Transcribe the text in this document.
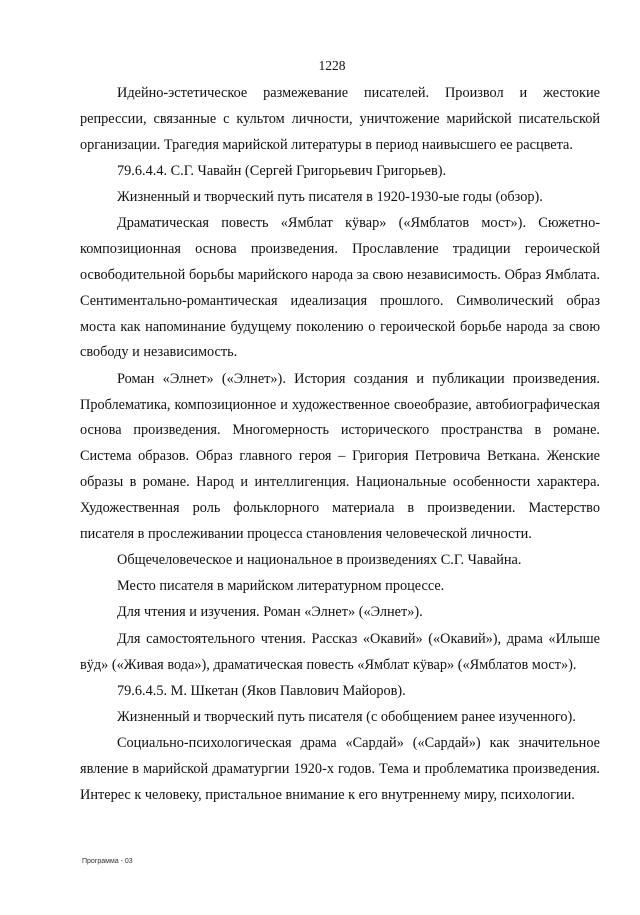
1228

Идейно-эстетическое размежевание писателей. Произвол и жестокие репрессии, связанные с культом личности, уничтожение марийской писательской организации. Трагедия марийской литературы в период наивысшего ее расцвета.

79.6.4.4. С.Г. Чавайн (Сергей Григорьевич Григорьев).

Жизненный и творческий путь писателя в 1920-1930-ые годы (обзор).

Драматическая повесть «Ямблат кӱвар» («Ямблатов мост»). Сюжетно-композиционная основа произведения. Прославление традиции героической освободительной борьбы марийского народа за свою независимость. Образ Ямблата. Сентиментально-романтическая идеализация прошлого. Символический образ моста как напоминание будущему поколению о героической борьбе народа за свою свободу и независимость.

Роман «Элнет» («Элнет»). История создания и публикации произведения. Проблематика, композиционное и художественное своеобразие, автобиографическая основа произведения. Многомерность исторического пространства в романе. Система образов. Образ главного героя – Григория Петровича Веткана. Женские образы в романе. Народ и интеллигенция. Национальные особенности характера. Художественная роль фольклорного материала в произведении. Мастерство писателя в прослеживании процесса становления человеческой личности.

Общечеловеческое и национальное в произведениях С.Г. Чавайна.

Место писателя в марийском литературном процессе.

Для чтения и изучения. Роман «Элнет» («Элнет»).

Для самостоятельного чтения. Рассказ «Окавий» («Окавий»), драма «Илыше вӱд» («Живая вода»), драматическая повесть «Ямблат кӱвар» («Ямблатов мост»).

79.6.4.5. М. Шкетан (Яков Павлович Майоров).

Жизненный и творческий путь писателя (с обобщением ранее изученного).

Социально-психологическая драма «Сардай» («Сардай») как значительное явление в марийской драматургии 1920-х годов. Тема и проблематика произведения. Интерес к человеку, пристальное внимание к его внутреннему миру, психологии.

Программа - 03
